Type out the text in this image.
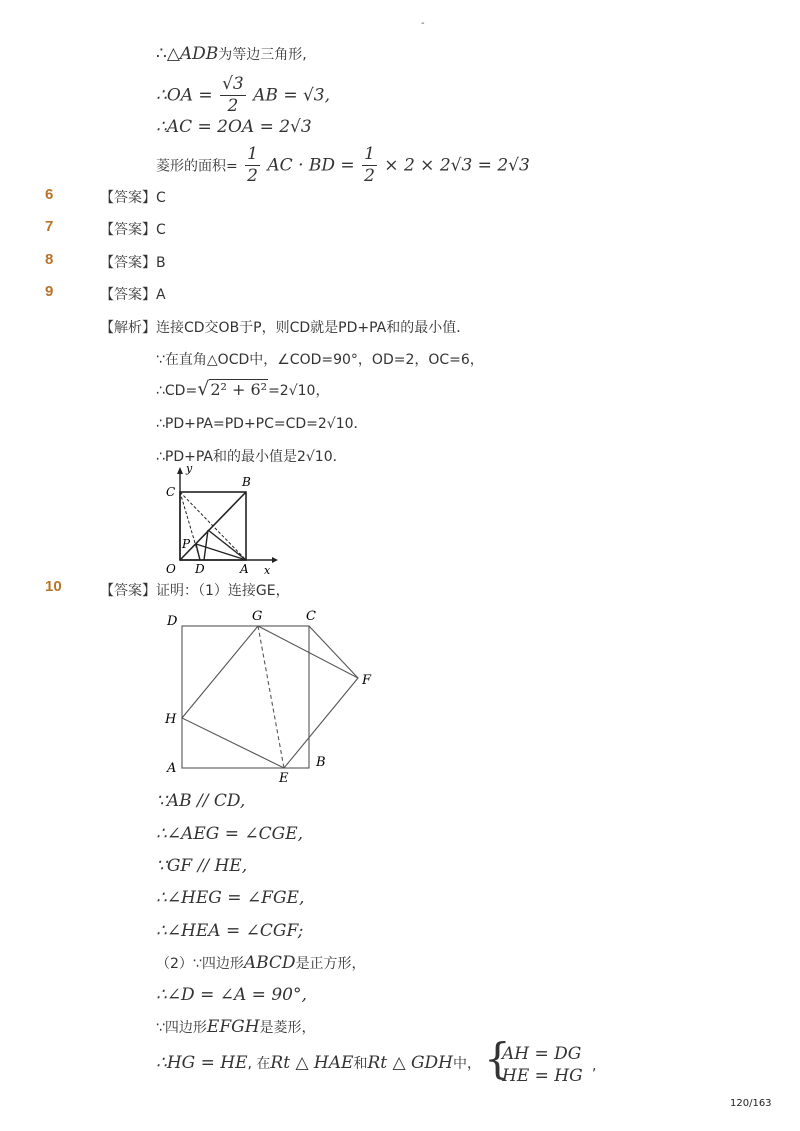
-
∴△ADB为等边三角形,
∴OA = $\frac{√3}{2}$ AB = √3,
∴AC = 2OA = 2√3
菱形的面积= $\frac{1}{2}$ AC · BD = $\frac{1}{2} \times 2 \times 2√3 = 2√3$
6	【答案】C
7	【答案】C
8	【答案】B
9	【答案】A
【解析】连接CD交OB于P，则CD就是PD+PA和的最小值．
∵在直角△OCD中，∠COD=90°，OD=2，OC=6，
∴CD=√2² + 6²=2√10，
∴PD+PA=PD+PC=CD=2√10．
∴PD+PA和的最小值是2√10．
y
x
C
B
P
O D	A
10	【答案】证明：（1）连接GE，
D	G	C
F
H
A
E
B
∵AB // CD,
∴∠AEG = ∠CGE,
∵GF // HE,
∴∠HEG = ∠FGE,
∴∠HEA = ∠CGF;
（2）∵四边形ABCD是正方形，
∴∠D = ∠A = 90°,
∵四边形EFGH是菱形，
∴HG = HE, 在Rt △ HAE和Rt △ GDH中， {
AH = DG
HE = HG ,
120/163
